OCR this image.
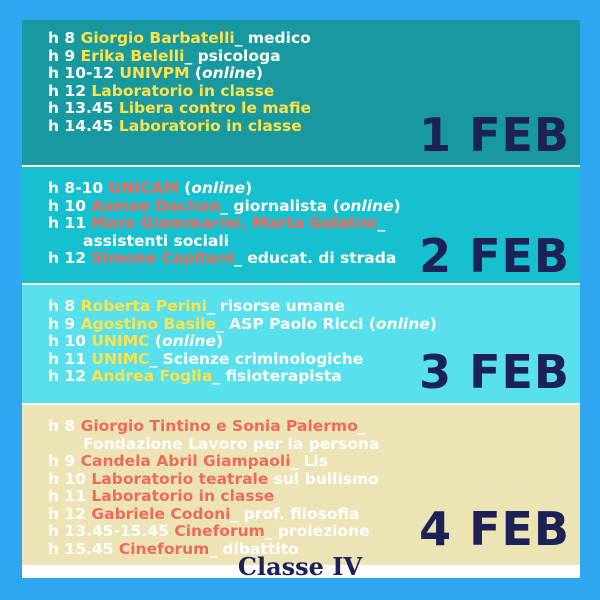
h 8 Giorgio Barbatelli_ medico
h 9 Erika Belelli_ psicologa
h 10-12 UNIVPM (online)
h 12 Laboratorio in classe
h 13.45 Libera contro le mafie
h 14.45 Laboratorio in classe	1 FEB
h 8-10 UNICAM (online)
h 10 Asmae Dachan_ giornalista (online)
h 11 Mara Giammarini, Marta Galatini_
assistenti sociali
h 12 Simone Capitani_ educat. di strada 2 FEB
h 8 Roberta Perini_ risorse umane
h 9 Agostino Basile_ ASP Paolo Ricci (online)
h 10 UNIMC (online)
h 11 UNIMC_ Scienze criminologiche
h 12 Andrea Foglia_ fisioterapista	3 FEB
h 8 Giorgio Tintino e Sonia Palermo_
Fondazione Lavoro per la persona
h 9 Candela Abril Giampaoli_ Lis
h 10 Laboratorio teatrale sul bullismo
h 11 Laboratorio in classe
h 12 Gabriele Codoni_ prof. filosofia
h 13.45-15.45 Cineforum_ proiezione
h 15.45 Cineforum_ dibattito	4 FEB
Classe IV
